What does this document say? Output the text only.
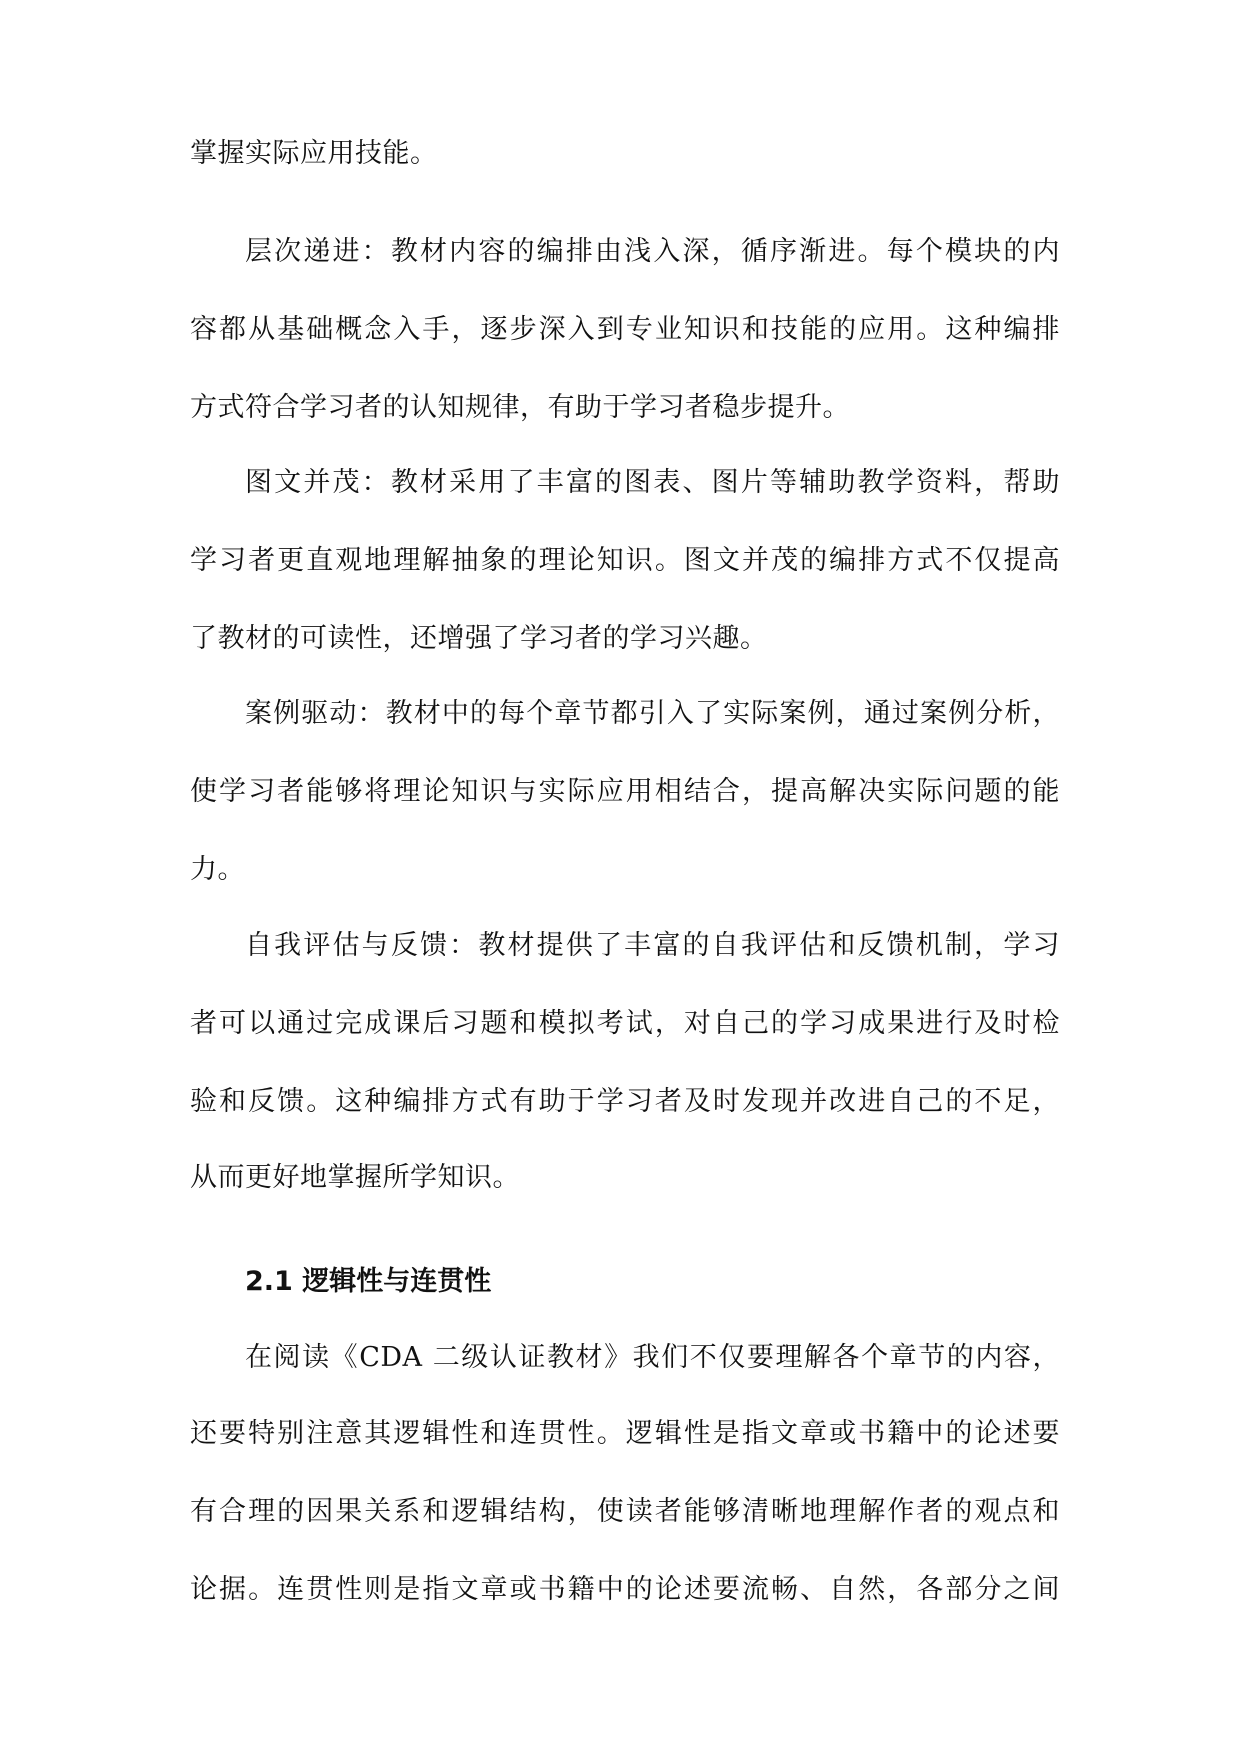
掌握实际应用技能。
层次递进：教材内容的编排由浅入深，循序渐进。每个模块的内
容都从基础概念入手，逐步深入到专业知识和技能的应用。这种编排
方式符合学习者的认知规律，有助于学习者稳步提升。
图文并茂：教材采用了丰富的图表、图片等辅助教学资料，帮助
学习者更直观地理解抽象的理论知识。图文并茂的编排方式不仅提高
了教材的可读性，还增强了学习者的学习兴趣。
案例驱动：教材中的每个章节都引入了实际案例，通过案例分析，
使学习者能够将理论知识与实际应用相结合，提高解决实际问题的能
力。
自我评估与反馈：教材提供了丰富的自我评估和反馈机制，学习
者可以通过完成课后习题和模拟考试，对自己的学习成果进行及时检
验和反馈。这种编排方式有助于学习者及时发现并改进自己的不足，
从而更好地掌握所学知识。
2.1 逻辑性与连贯性
在阅读《CDA 二级认证教材》我们不仅要理解各个章节的内容，
还要特别注意其逻辑性和连贯性。逻辑性是指文章或书籍中的论述要
有合理的因果关系和逻辑结构，使读者能够清晰地理解作者的观点和
论据。连贯性则是指文章或书籍中的论述要流畅、自然，各部分之间
